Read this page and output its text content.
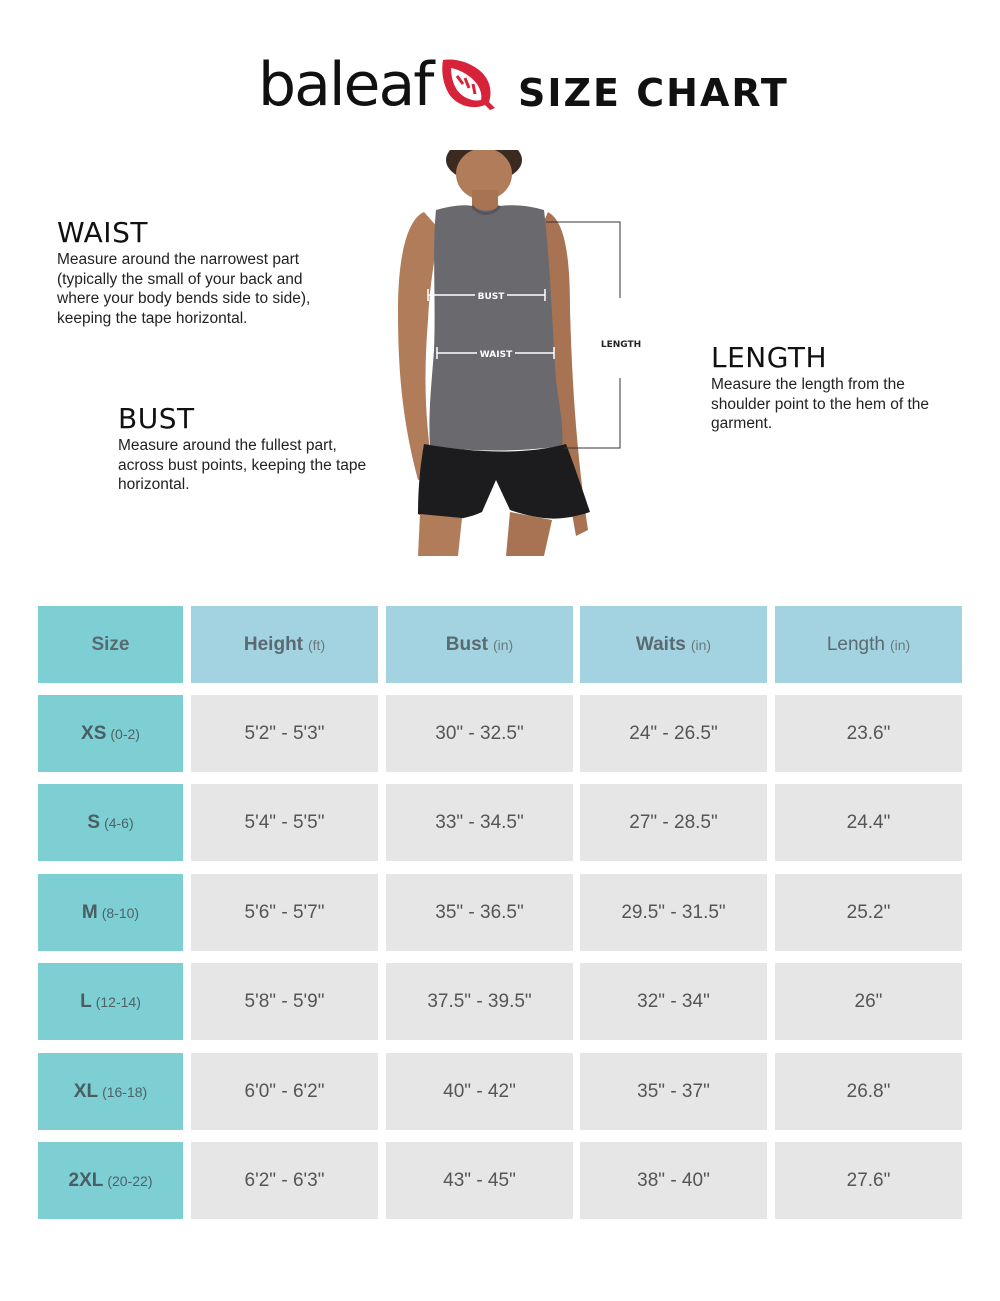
baleaf SIZE CHART
WAIST

Measure around the narrowest part (typically the small of your back and where your body bends side to side), keeping the tape horizontal.

BUST

Measure around the fullest part, across bust points, keeping the tape horizontal.

LENGTH

Measure the length from the shoulder point to the hem of the garment.

BUST
WAIST
LENGTH
Size	Height (ft)	Bust (in)	Waits (in)	Length (in)
XS (0-2)	5'2" - 5'3"	30" - 32.5"	24" - 26.5"	23.6"
S (4-6)	5'4" - 5'5"	33" - 34.5"	27" - 28.5"	24.4"
M (8-10)	5'6" - 5'7"	35" - 36.5"	29.5" - 31.5"	25.2"
L (12-14)	5'8" - 5'9"	37.5" - 39.5"	32" - 34"	26"
XL (16-18)	6'0" - 6'2"	40" - 42"	35" - 37"	26.8"
2XL (20-22)	6'2" - 6'3"	43" - 45"	38" - 40"	27.6"
